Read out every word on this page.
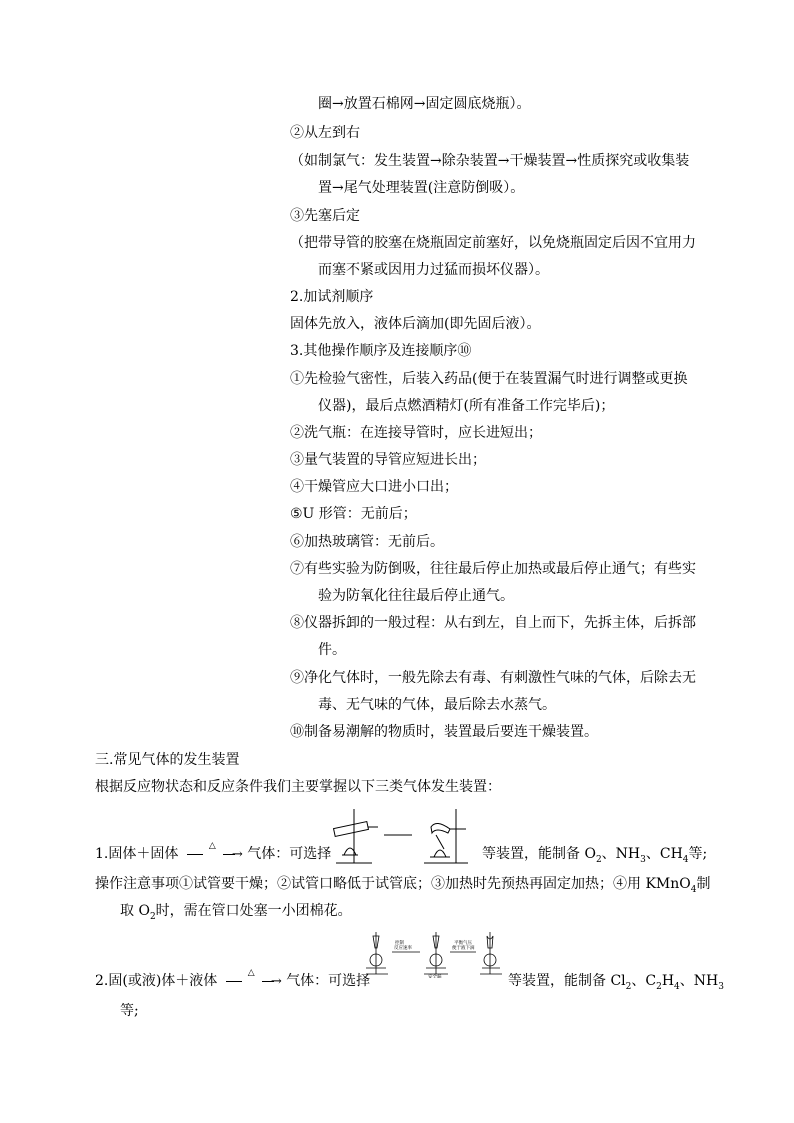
圈→放置石棉网→固定圆底烧瓶）。
②从左到右
（如制氯气：发生装置→除杂装置→干燥装置→性质探究或收集装
置→尾气处理装置(注意防倒吸）。
③先塞后定
（把带导管的胶塞在烧瓶固定前塞好，以免烧瓶固定后因不宜用力
而塞不紧或因用力过猛而损坏仪器）。
2.加试剂顺序
固体先放入，液体后滴加(即先固后液）。
3.其他操作顺序及连接顺序⑩
①先检验气密性，后装入药品(便于在装置漏气时进行调整或更换
仪器)，最后点燃酒精灯(所有准备工作完毕后)；
②洗气瓶：在连接导管时，应长进短出；
③量气装置的导管应短进长出；
④干燥管应大口进小口出；
⑤U 形管：无前后；
⑥加热玻璃管：无前后。
⑦有些实验为防倒吸，往往最后停止加热或最后停止通气；有些实
验为防氧化往往最后停止通气。
⑧仪器拆卸的一般过程：从右到左，自上而下，先拆主体，后拆部
件。
⑨净化气体时，一般先除去有毒、有刺激性气味的气体，后除去无
毒、无气味的气体，最后除去水蒸气。
⑩制备易潮解的物质时，装置最后要连干燥装置。
三.常见气体的发生装置
根据反应物状态和反应条件我们主要掌握以下三类气体发生装置：
1.固体＋固体	△
→ 气体：可选择	等装置，能制备 $O_2$、$NH_3$、$CH_4$等;
操作注意事项①试管要干燥；②试管口略低于试管底；③加热时先预热再固定加热；④用 KMnO$_4$制
取 $O_2$时，需在管口处塞一小团棉花。
2.固(或液)体＋液体	△
→ 气体：可选择
控制
反应速率
平衡气压
便于液下滴
安全漏	等装置，能制备 $Cl_2$、$C_2H_4$、$NH_3$
等;
